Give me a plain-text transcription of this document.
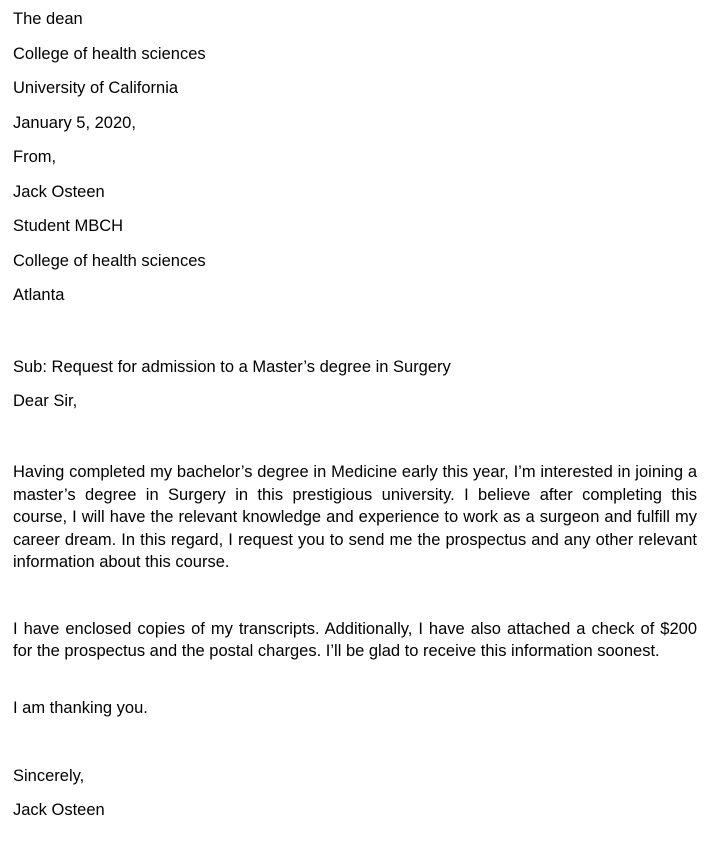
The dean
College of health sciences
University of California
January 5, 2020,
From,
Jack Osteen
Student MBCH
College of health sciences
Atlanta
Sub: Request for admission to a Master’s degree in Surgery
Dear Sir,

Having completed my bachelor’s degree in Medicine early this year, I’m interested in joining a master’s degree in Surgery in this prestigious university. I believe after completing this course, I will have the relevant knowledge and experience to work as a surgeon and fulfill my career dream. In this regard, I request you to send me the prospectus and any other relevant information about this course.

I have enclosed copies of my transcripts. Additionally, I have also attached a check of $200 for the prospectus and the postal charges. I’ll be glad to receive this information soonest.

I am thanking you.
Sincerely,
Jack Osteen
